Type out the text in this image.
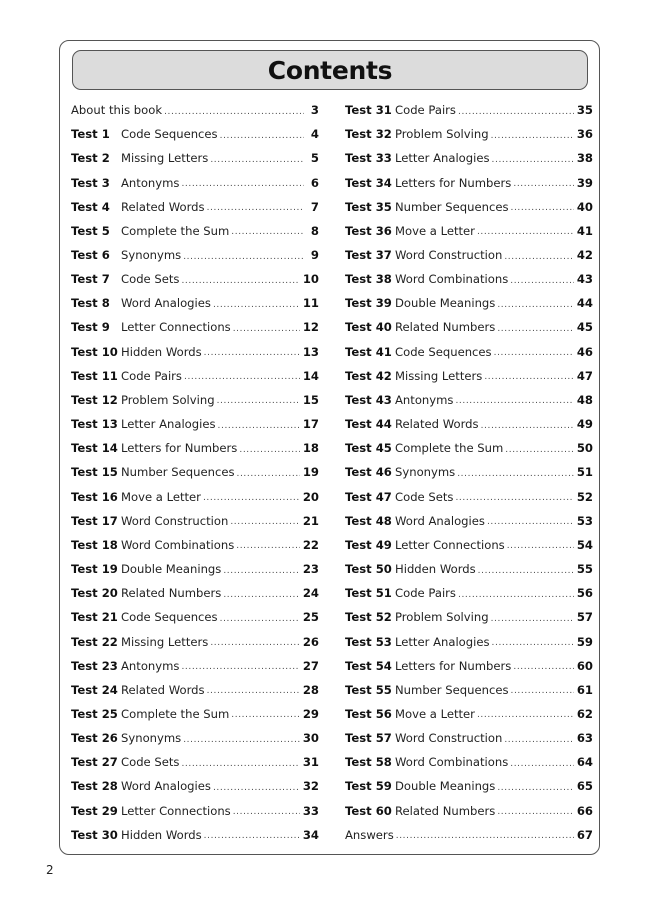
Contents
About this book .....	3
Test 1 Code Sequences .....	4
Test 2 Missing Letters .....	5
Test 3 Antonyms .....	6
Test 4 Related Words .....	7
Test 5 Complete the Sum .....	8
Test 6 Synonyms .....	9
Test 7 Code Sets .....	10
Test 8 Word Analogies .....	11
Test 9 Letter Connections .....	12
Test 10 Hidden Words .....	13
Test 11 Code Pairs .....	14
Test 12 Problem Solving .....	15
Test 13 Letter Analogies .....	17
Test 14 Letters for Numbers .....	18
Test 15 Number Sequences .....	19
Test 16 Move a Letter .....	20
Test 17 Word Construction .....	21
Test 18 Word Combinations .....	22
Test 19 Double Meanings .....	23
Test 20 Related Numbers .....	24
Test 21 Code Sequences .....	25
Test 22 Missing Letters .....	26
Test 23 Antonyms .....	27
Test 24 Related Words .....	28
Test 25 Complete the Sum .....	29
Test 26 Synonyms .....	30
Test 27 Code Sets .....	31
Test 28 Word Analogies .....	32
Test 29 Letter Connections .....	33
Test 30 Hidden Words .....	34
Test 31 Code Pairs .....	35
Test 32 Problem Solving .....	36
Test 33 Letter Analogies .....	38
Test 34 Letters for Numbers .....	39
Test 35 Number Sequences .....	40
Test 36 Move a Letter .....	41
Test 37 Word Construction .....	42
Test 38 Word Combinations .....	43
Test 39 Double Meanings .....	44
Test 40 Related Numbers .....	45
Test 41 Code Sequences .....	46
Test 42 Missing Letters .....	47
Test 43 Antonyms .....	48
Test 44 Related Words .....	49
Test 45 Complete the Sum .....	50
Test 46 Synonyms .....	51
Test 47 Code Sets .....	52
Test 48 Word Analogies .....	53
Test 49 Letter Connections .....	54
Test 50 Hidden Words .....	55
Test 51 Code Pairs .....	56
Test 52 Problem Solving .....	57
Test 53 Letter Analogies .....	59
Test 54 Letters for Numbers .....	60
Test 55 Number Sequences .....	61
Test 56 Move a Letter .....	62
Test 57 Word Construction .....	63
Test 58 Word Combinations .....	64
Test 59 Double Meanings .....	65
Test 60 Related Numbers .....	66
Answers .....	67
2
